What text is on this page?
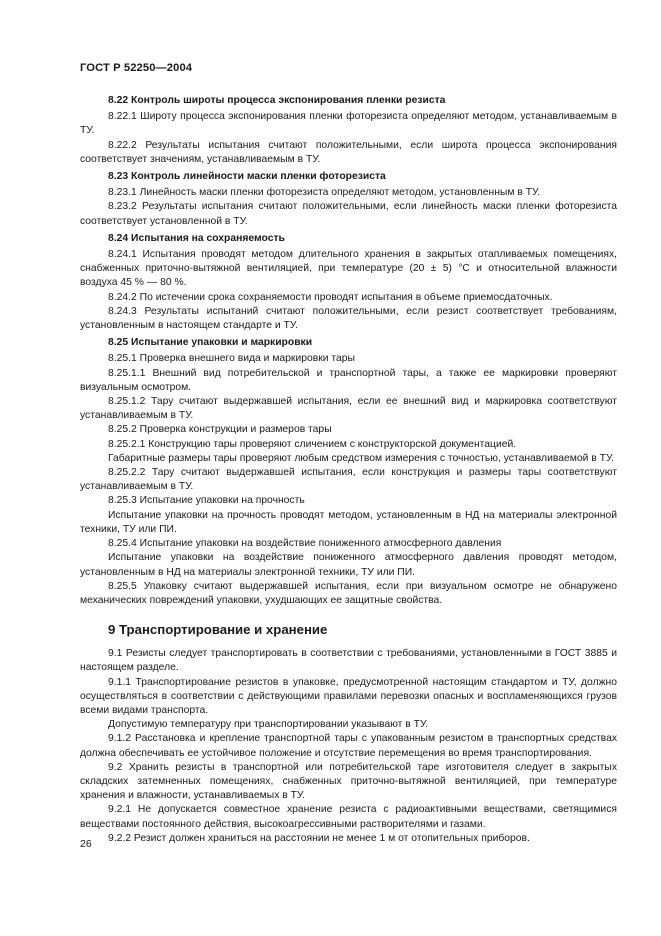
ГОСТ Р 52250—2004
8.22 Контроль широты процесса экспонирования пленки резиста

8.22.1 Широту процесса экспонирования пленки фоторезиста определяют методом, устанавливаемым в ТУ.

8.22.2 Результаты испытания считают положительными, если широта процесса экспонирования соответствует значениям, устанавливаемым в ТУ.

8.23 Контроль линейности маски пленки фоторезиста

8.23.1 Линейность маски пленки фоторезиста определяют методом, установленным в ТУ.

8.23.2 Результаты испытания считают положительными, если линейность маски пленки фоторезиста соответствует установленной в ТУ.

8.24 Испытания на сохраняемость

8.24.1 Испытания проводят методом длительного хранения в закрытых отапливаемых помещениях, снабженных приточно-вытяжной вентиляцией, при температуре (20 ± 5) °С и относительной влажности воздуха 45 % — 80 %.

8.24.2 По истечении срока сохраняемости проводят испытания в объеме приемосдаточных.

8.24.3 Результаты испытаний считают положительными, если резист соответствует требованиям, установленным в настоящем стандарте и ТУ.

8.25 Испытание упаковки и маркировки

8.25.1 Проверка внешнего вида и маркировки тары

8.25.1.1 Внешний вид потребительской и транспортной тары, а также ее маркировки проверяют визуальным осмотром.

8.25.1.2 Тару считают выдержавшей испытания, если ее внешний вид и маркировка соответствуют устанавливаемым в ТУ.

8.25.2 Проверка конструкции и размеров тары

8.25.2.1 Конструкцию тары проверяют сличением с конструкторской документацией.

Габаритные размеры тары проверяют любым средством измерения с точностью, устанавливаемой в ТУ.

8.25.2.2 Тару считают выдержавшей испытания, если конструкция и размеры тары соответствуют устанавливаемым в ТУ.

8.25.3 Испытание упаковки на прочность

Испытание упаковки на прочность проводят методом, установленным в НД на материалы электронной техники, ТУ или ПИ.

8.25.4 Испытание упаковки на воздействие пониженного атмосферного давления

Испытание упаковки на воздействие пониженного атмосферного давления проводят методом, установленным в НД на материалы электронной техники, ТУ или ПИ.

8.25.5 Упаковку считают выдержавшей испытания, если при визуальном осмотре не обнаружено механических повреждений упаковки, ухудшающих ее защитные свойства.

9 Транспортирование и хранение

9.1 Резисты следует транспортировать в соответствии с требованиями, установленными в ГОСТ 3885 и настоящем разделе.

9.1.1 Транспортирование резистов в упаковке, предусмотренной настоящим стандартом и ТУ, должно осуществляться в соответствии с действующими правилами перевозки опасных и воспламеняющихся грузов всеми видами транспорта.

Допустимую температуру при транспортировании указывают в ТУ.

9.1.2 Расстановка и крепление транспортной тары с упакованным резистом в транспортных средствах должна обеспечивать ее устойчивое положение и отсутствие перемещения во время транспортирования.

9.2 Хранить резисты в транспортной или потребительской таре изготовителя следует в закрытых складских затемненных помещениях, снабженных приточно-вытяжной вентиляцией, при температуре хранения и влажности, устанавливаемых в ТУ.

9.2.1 Не допускается совместное хранение резиста с радиоактивными веществами, светящимися веществами постоянного действия, высокоагрессивными растворителями и газами.

9.2.2 Резист должен храниться на расстоянии не менее 1 м от отопительных приборов.

26
